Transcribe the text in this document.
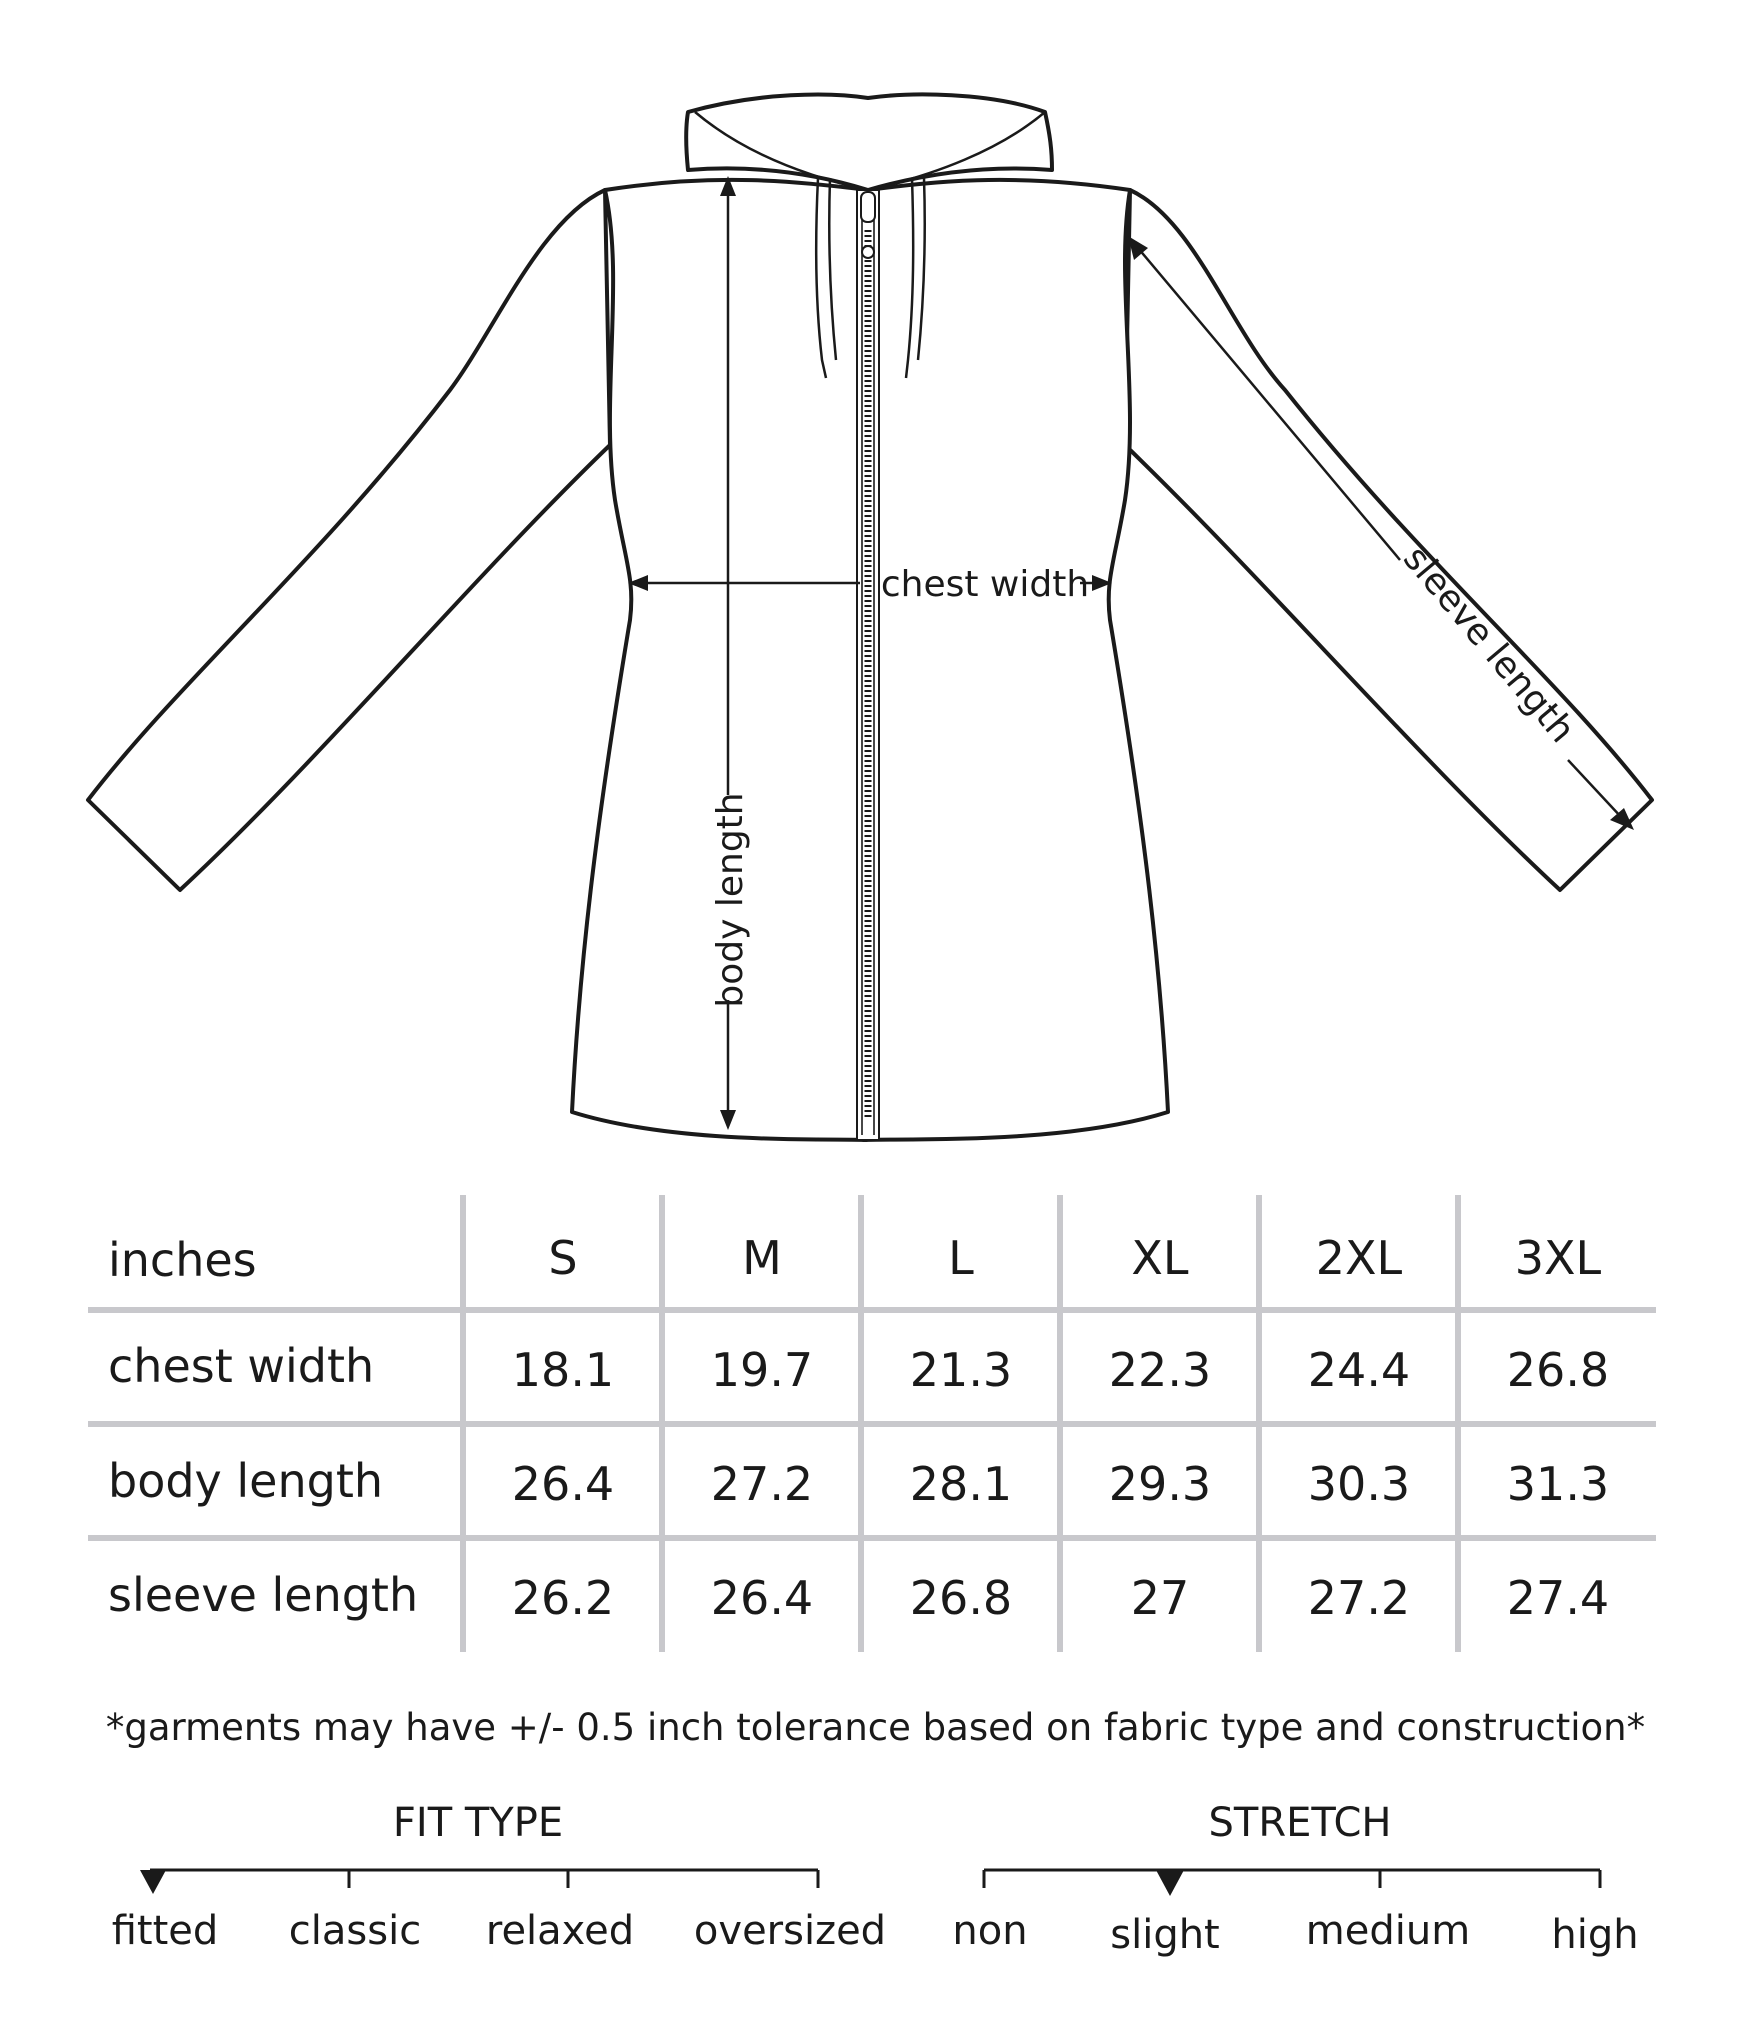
body length
chest width	sleeve length
inches	S	M	L	XL	2XL	3XL
chest width	18.1	19.7	21.3	22.3	24.4	26.8
body length	26.4	27.2	28.1	29.3	30.3	31.3
sleeve length	26.2	26.4	26.8	27	27.2	27.4
*garments may have +/- 0.5 inch tolerance based on fabric type and construction*
FIT TYPE
fitted	classic	relaxed	oversized
STRETCH
non	slight	medium	high
